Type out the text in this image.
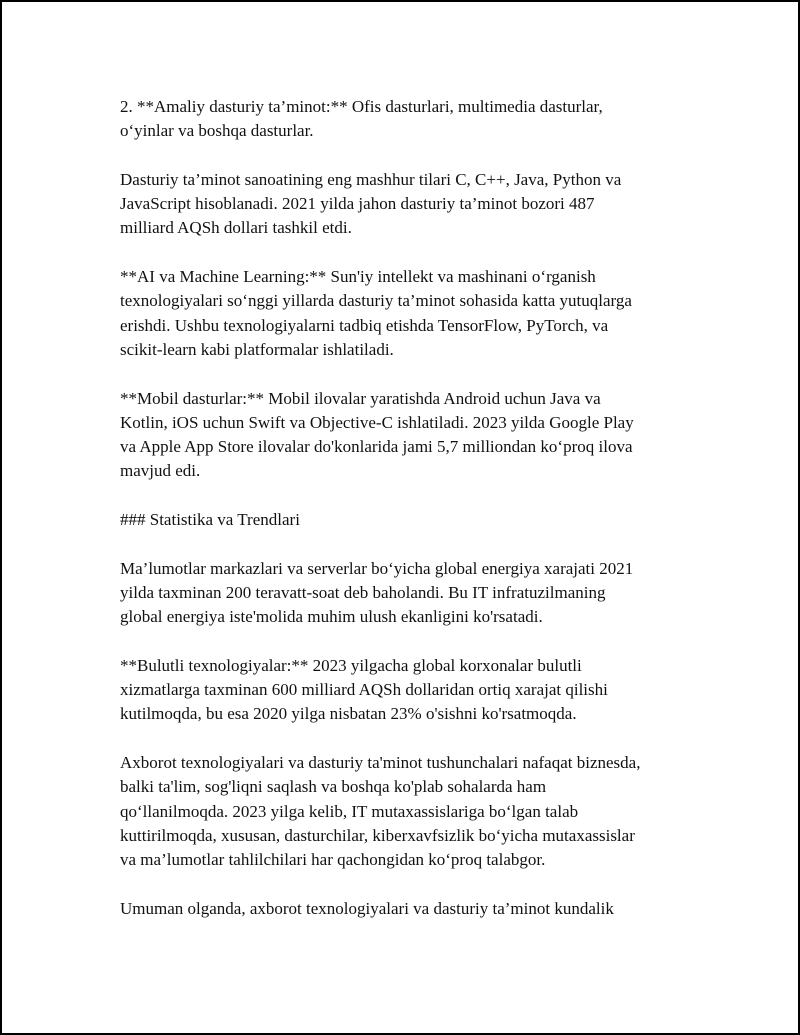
2. **Amaliy dasturiy ta’minot:** Ofis dasturlari, multimedia dasturlar,
o‘yinlar va boshqa dasturlar.

Dasturiy ta’minot sanoatining eng mashhur tilari C, C++, Java, Python va
JavaScript hisoblanadi. 2021 yilda jahon dasturiy ta’minot bozori 487
milliard AQSh dollari tashkil etdi.

**AI va Machine Learning:** Sun'iy intellekt va mashinani o‘rganish
texnologiyalari so‘nggi yillarda dasturiy ta’minot sohasida katta yutuqlarga
erishdi. Ushbu texnologiyalarni tadbiq etishda TensorFlow, PyTorch, va
scikit-learn kabi platformalar ishlatiladi.

**Mobil dasturlar:** Mobil ilovalar yaratishda Android uchun Java va
Kotlin, iOS uchun Swift va Objective-C ishlatiladi. 2023 yilda Google Play
va Apple App Store ilovalar do'konlarida jami 5,7 milliondan ko‘proq ilova
mavjud edi.

### Statistika va Trendlari

Ma’lumotlar markazlari va serverlar bo‘yicha global energiya xarajati 2021
yilda taxminan 200 teravatt-soat deb baholandi. Bu IT infratuzilmaning
global energiya iste'molida muhim ulush ekanligini ko'rsatadi.

**Bulutli texnologiyalar:** 2023 yilgacha global korxonalar bulutli
xizmatlarga taxminan 600 milliard AQSh dollaridan ortiq xarajat qilishi
kutilmoqda, bu esa 2020 yilga nisbatan 23% o'sishni ko'rsatmoqda.

Axborot texnologiyalari va dasturiy ta'minot tushunchalari nafaqat biznesda,
balki ta'lim, sog'liqni saqlash va boshqa ko'plab sohalarda ham
qo‘llanilmoqda. 2023 yilga kelib, IT mutaxassislariga bo‘lgan talab
kuttirilmoqda, xususan, dasturchilar, kiberxavfsizlik bo‘yicha mutaxassislar
va ma’lumotlar tahlilchilari har qachongidan ko‘proq talabgor.

Umuman olganda, axborot texnologiyalari va dasturiy ta’minot kundalik
